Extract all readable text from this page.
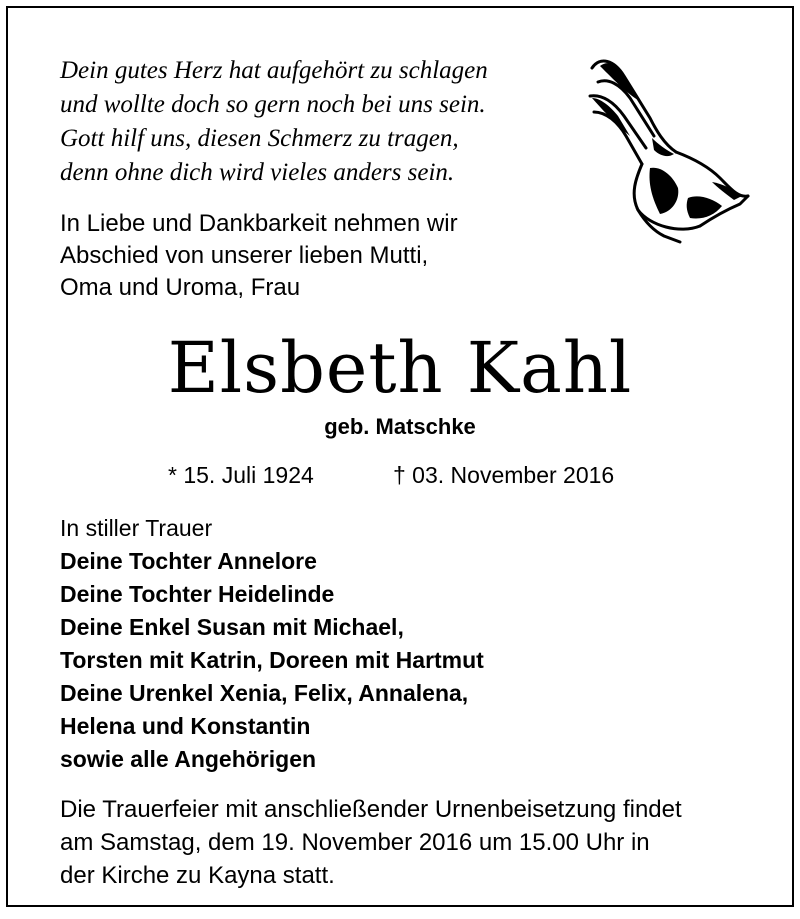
Dein gutes Herz hat aufgehört zu schlagen
und wollte doch so gern noch bei uns sein.
Gott hilf uns, diesen Schmerz zu tragen,
denn ohne dich wird vieles anders sein.
In Liebe und Dankbarkeit nehmen wir
Abschied von unserer lieben Mutti,
Oma und Uroma, Frau
Elsbeth Kahl
geb. Matschke
* 15. Juli 1924	† 03. November 2016
In stiller Trauer
Deine Tochter Annelore
Deine Tochter Heidelinde
Deine Enkel Susan mit Michael,
Torsten mit Katrin, Doreen mit Hartmut
Deine Urenkel Xenia, Felix, Annalena,
Helena und Konstantin
sowie alle Angehörigen
Die Trauerfeier mit anschließender Urnenbeisetzung findet
am Samstag, dem 19. November 2016 um 15.00 Uhr in
der Kirche zu Kayna statt.
